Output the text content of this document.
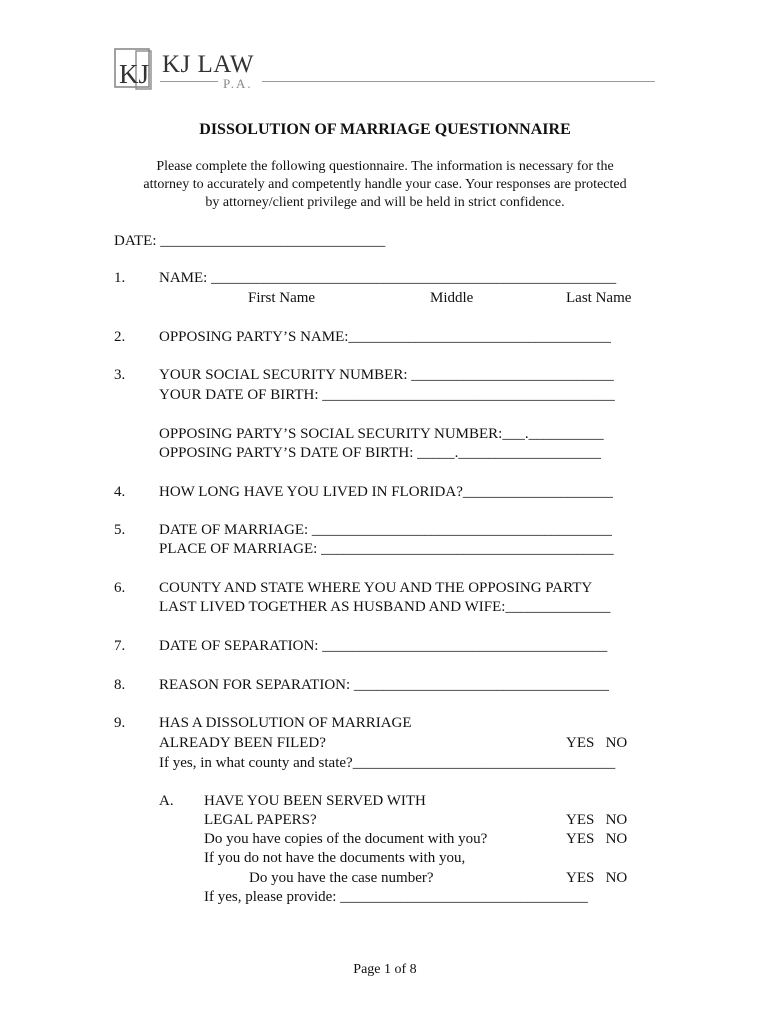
KJ KJ LAW
P.A.
DISSOLUTION OF MARRIAGE QUESTIONNAIRE
Please complete the following questionnaire. The information is necessary for the
attorney to accurately and competently handle your case. Your responses are protected
by attorney/client privilege and will be held in strict confidence.
DATE: ______________________________
1. NAME: ______________________________________________________
First Name	Middle	Last Name
2. OPPOSING PARTY’S NAME:___________________________________
3. YOUR SOCIAL SECURITY NUMBER: ___________________________
YOUR DATE OF BIRTH: _______________________________________
OPPOSING PARTY’S SOCIAL SECURITY NUMBER:___.__________
OPPOSING PARTY’S DATE OF BIRTH: _____.___________________
4. HOW LONG HAVE YOU LIVED IN FLORIDA?____________________
5. DATE OF MARRIAGE: ________________________________________
PLACE OF MARRIAGE: _______________________________________
6. COUNTY AND STATE WHERE YOU AND THE OPPOSING PARTY
LAST LIVED TOGETHER AS HUSBAND AND WIFE:______________
7. DATE OF SEPARATION: ______________________________________
8. REASON FOR SEPARATION: __________________________________
9. HAS A DISSOLUTION OF MARRIAGE
ALREADY BEEN FILED?	YES   NO
If yes, in what county and state?___________________________________
A. HAVE YOU BEEN SERVED WITH
LEGAL PAPERS?	YES   NO
Do you have copies of the document with you?	YES   NO
If you do not have the documents with you,
Do you have the case number?	YES   NO
If yes, please provide: _________________________________
Page 1 of 8
